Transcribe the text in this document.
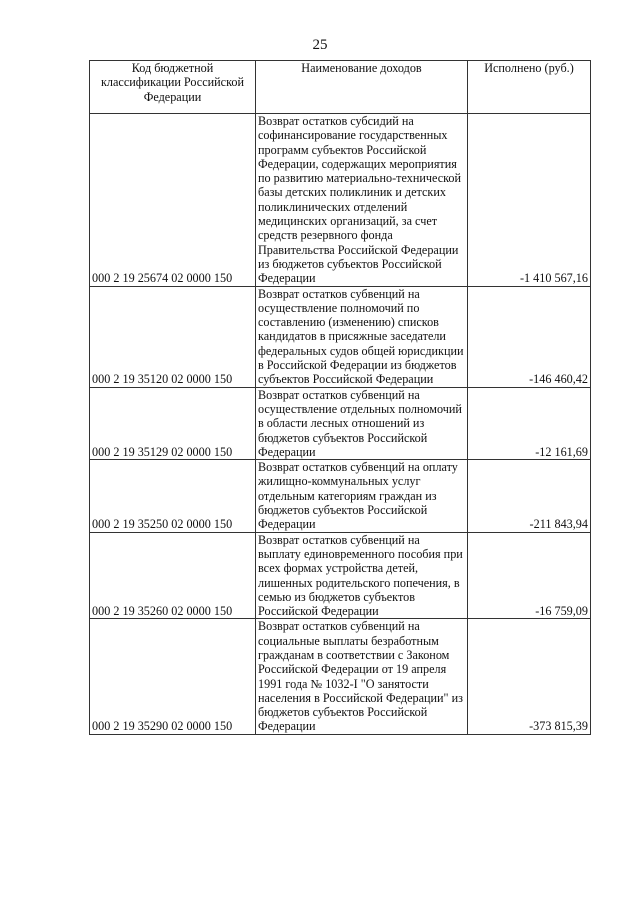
25
Код бюджетной классификации Российской Федерации	Наименование доходов	Исполнено (руб.)
000 2 19 25674 02 0000 150	Возврат остатков субсидий на софинансирование государственных программ субъектов Российской Федерации, содержащих мероприятия по развитию материально-технической базы детских поликлиник и детских поликлинических отделений медицинских организаций, за счет средств резервного фонда Правительства Российской Федерации из бюджетов субъектов Российской Федерации	-1 410 567,16
000 2 19 35120 02 0000 150	Возврат остатков субвенций на осуществление полномочий по составлению (изменению) списков кандидатов в присяжные заседатели федеральных судов общей юрисдикции в Российской Федерации из бюджетов субъектов Российской Федерации	-146 460,42
000 2 19 35129 02 0000 150	Возврат остатков субвенций на осуществление отдельных полномочий в области лесных отношений из бюджетов субъектов Российской Федерации	-12 161,69
000 2 19 35250 02 0000 150	Возврат остатков субвенций на оплату жилищно-коммунальных услуг отдельным категориям граждан из бюджетов субъектов Российской Федерации	-211 843,94
000 2 19 35260 02 0000 150	Возврат остатков субвенций на выплату единовременного пособия при всех формах устройства детей, лишенных родительского попечения, в семью из бюджетов субъектов Российской Федерации	-16 759,09
000 2 19 35290 02 0000 150	Возврат остатков субвенций на социальные выплаты безработным гражданам в соответствии с Законом Российской Федерации от 19 апреля 1991 года № 1032-I "О занятости населения в Российской Федерации" из бюджетов субъектов Российской Федерации	-373 815,39
